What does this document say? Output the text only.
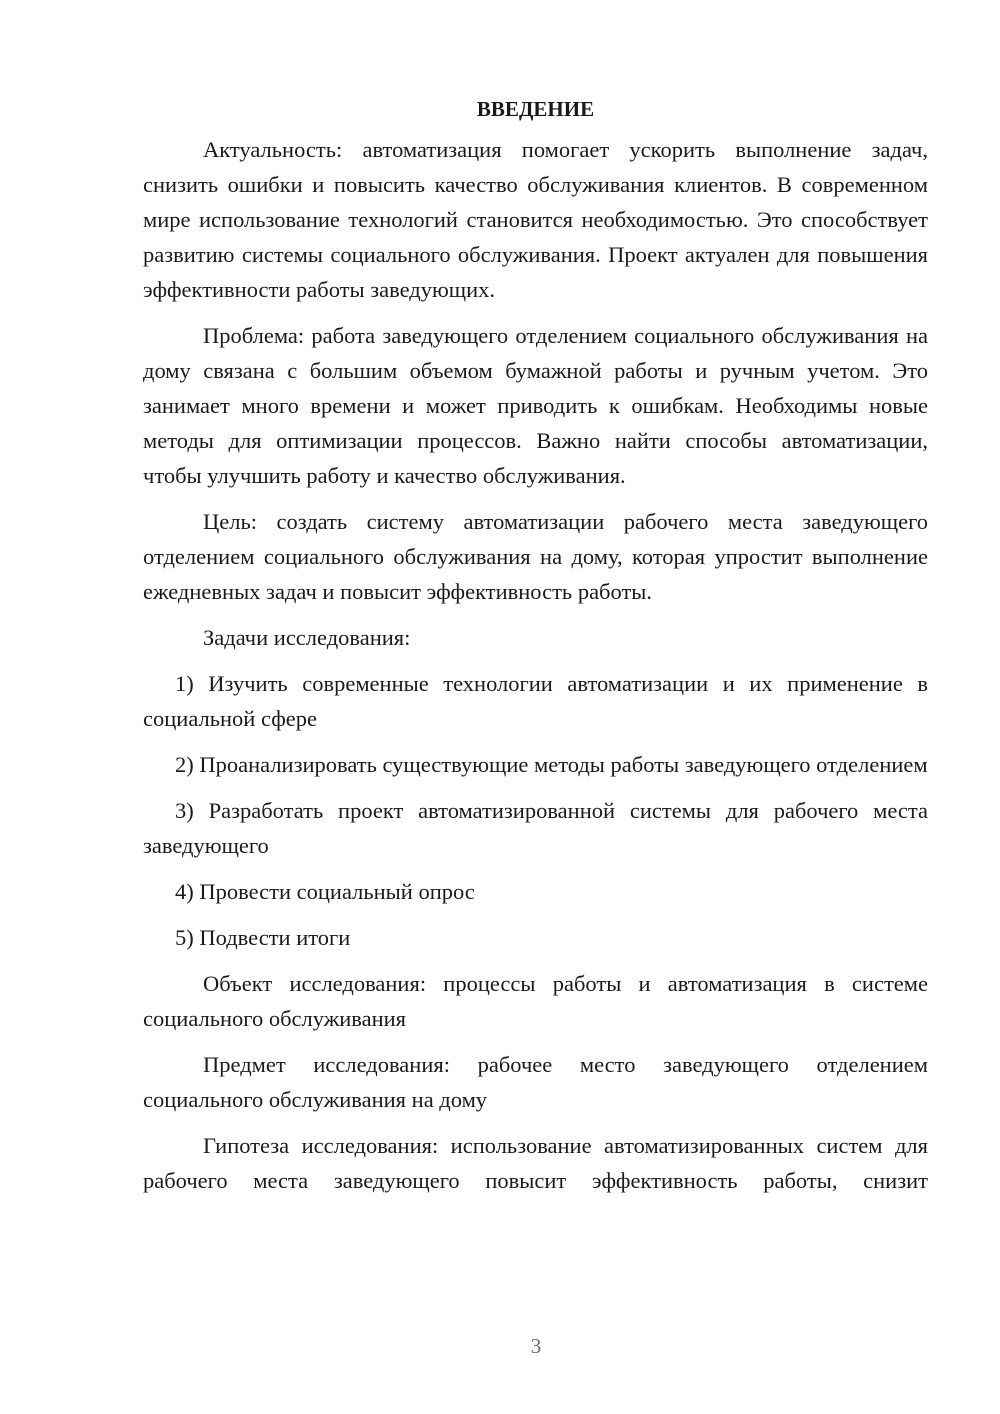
ВВЕДЕНИЕ

Актуальность: автоматизация помогает ускорить выполнение задач, снизить ошибки и повысить качество обслуживания клиентов. В современном мире использование технологий становится необходимостью. Это способствует развитию системы социального обслуживания. Проект актуален для повышения эффективности работы заведующих.

Проблема: работа заведующего отделением социального обслуживания на дому связана с большим объемом бумажной работы и ручным учетом. Это занимает много времени и может приводить к ошибкам. Необходимы новые методы для оптимизации процессов. Важно найти способы автоматизации, чтобы улучшить работу и качество обслуживания.

Цель: создать систему автоматизации рабочего места заведующего отделением социального обслуживания на дому, которая упростит выполнение ежедневных задач и повысит эффективность работы.

Задачи исследования:

1) Изучить современные технологии автоматизации и их применение в социальной сфере

2) Проанализировать существующие методы работы заведующего отделением

3) Разработать проект автоматизированной системы для рабочего места заведующего

4) Провести социальный опрос

5) Подвести итоги

Объект исследования: процессы работы и автоматизация в системе социального обслуживания

Предмет исследования: рабочее место заведующего отделением социального обслуживания на дому

Гипотеза исследования: использование автоматизированных систем для рабочего места заведующего повысит эффективность работы, снизит

3
